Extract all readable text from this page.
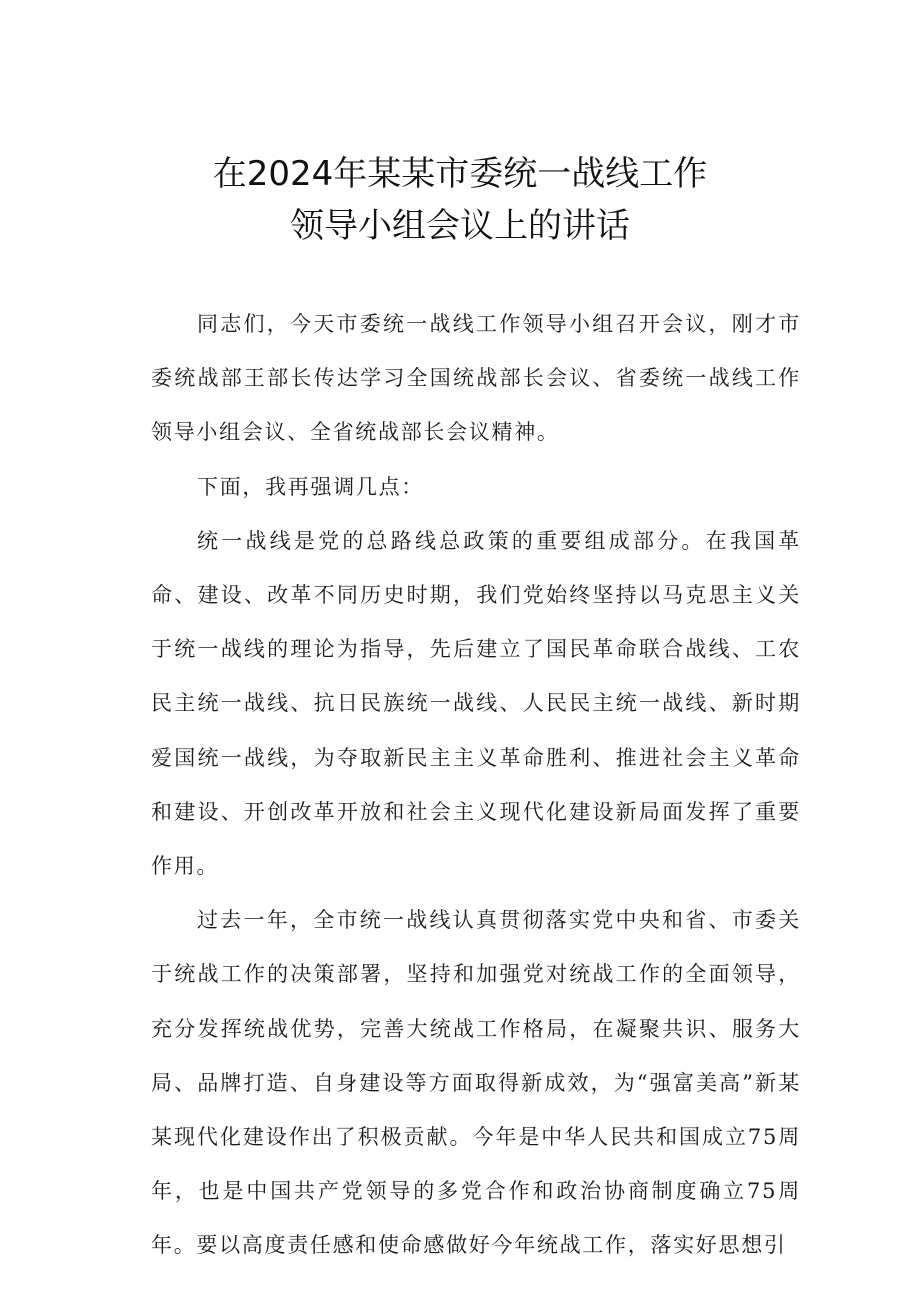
在2024年某某市委统一战线工作
领导小组会议上的讲话

同志们，今天市委统一战线工作领导小组召开会议，刚才市委统战部王部长传达学习全国统战部长会议、省委统一战线工作领导小组会议、全省统战部长会议精神。

下面，我再强调几点：

统一战线是党的总路线总政策的重要组成部分。在我国革命、建设、改革不同历史时期，我们党始终坚持以马克思主义关于统一战线的理论为指导，先后建立了国民革命联合战线、工农民主统一战线、抗日民族统一战线、人民民主统一战线、新时期爱国统一战线，为夺取新民主主义革命胜利、推进社会主义革命和建设、开创改革开放和社会主义现代化建设新局面发挥了重要作用。

过去一年，全市统一战线认真贯彻落实党中央和省、市委关于统战工作的决策部署，坚持和加强党对统战工作的全面领导，充分发挥统战优势，完善大统战工作格局，在凝聚共识、服务大局、品牌打造、自身建设等方面取得新成效，为“强富美高”新某某现代化建设作出了积极贡献。今年是中华人民共和国成立75周年，也是中国共产党领导的多党合作和政治协商制度确立75周年。要以高度责任感和使命感做好今年统战工作，落实好思想引
